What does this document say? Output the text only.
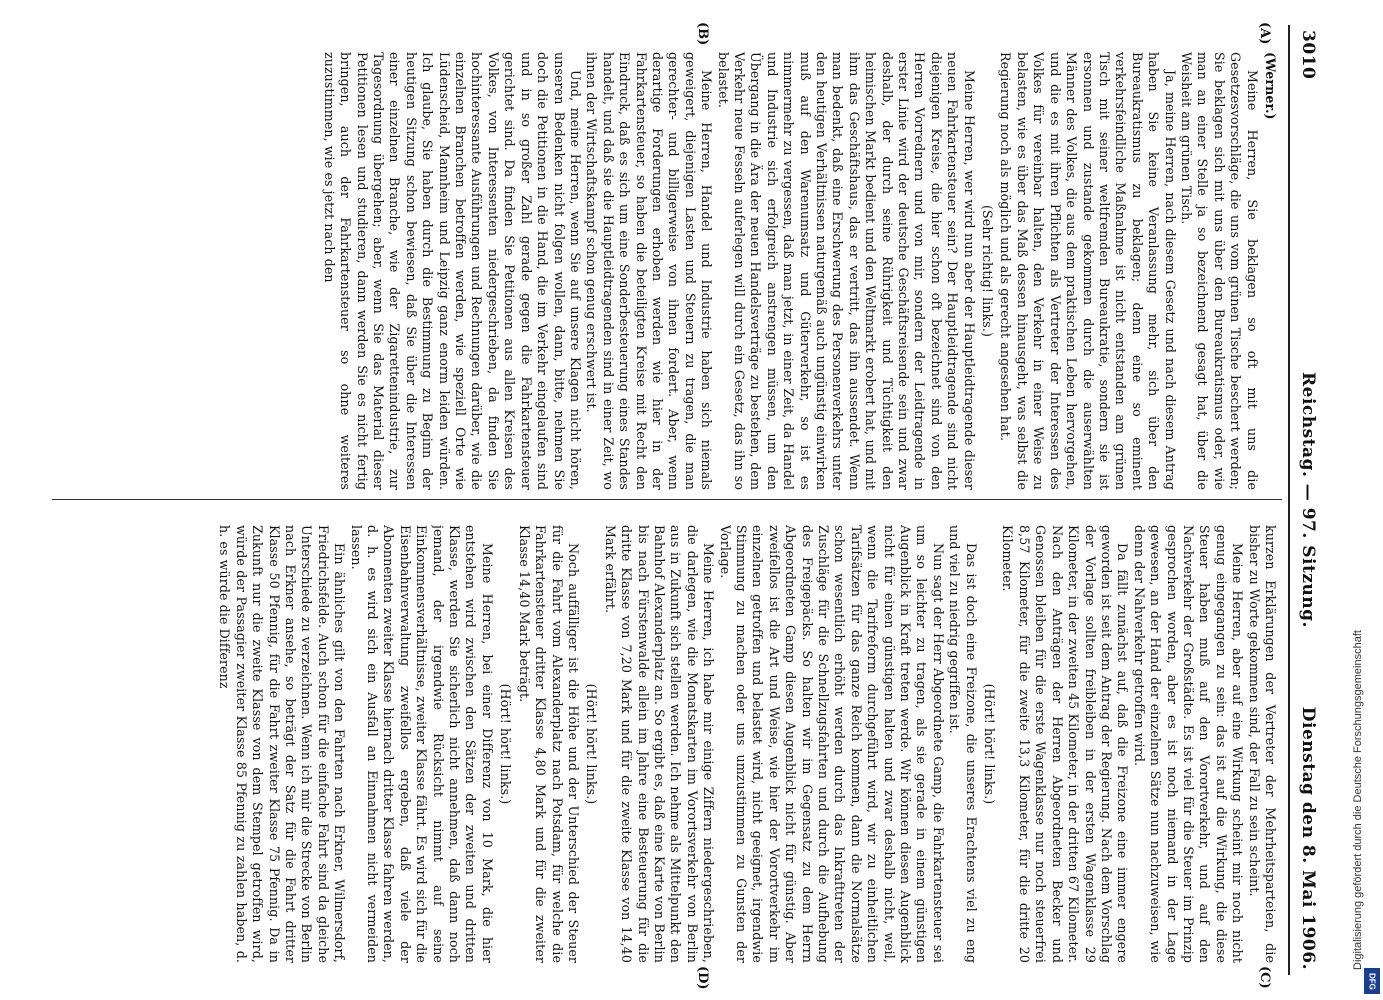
3010
Reichstag. — 97. Sitzung.
Dienstag den 8. Mai 1906.
(A)
(B)
(C)
(D)

(Werner.)

Meine Herren, Sie beklagen so oft mit uns die Gesetzesvorschläge, die uns vom grünen Tische beschert werden; Sie beklagen sich mit uns über den Bureaukratismus oder, wie man an einer Stelle ja so bezeichnend gesagt hat, über die Weisheit am grünen Tisch.

Ja, meine Herren, nach diesem Gesetz und nach diesem Antrag haben Sie keine Veranlassung mehr, sich über den Bureaukratismus zu beklagen; denn eine so eminent verkehrsfeindliche Maßnahme ist nicht entstanden am grünen Tisch mit seiner weltfremden Bureaukratie, sondern sie ist ersonnen und zustande gekommen durch die auserwählten Männer des Volkes, die aus dem praktischen Leben hervorgehen, und die es mit ihren Pflichten als Vertreter der Interessen des Volkes für vereinbar halten, den Verkehr in einer Weise zu belasten, wie es über das Maß dessen hinausgeht, was selbst die Regierung noch als möglich und als gerecht angesehen hat.

(Sehr richtig! links.)

Meine Herren, wer wird nun aber der Hauptleidtragende dieser neuen Fahrkartensteuer sein? Der Hauptleidtragende sind nicht diejenigen Kreise, die hier schon oft bezeichnet sind von den Herren Vorrednern und von mir, sondern der Leidtragende in erster Linie wird der deutsche Geschäftsreisende sein und zwar deshalb, der durch seine Rührigkeit und Tüchtigkeit den heimischen Markt bedient und den Weltmarkt erobert hat, und mit ihm das Geschäftshaus, das er vertritt, das ihn aussendet. Wenn man bedenkt, daß eine Erschwerung des Personenverkehrs unter den heutigen Verhältnissen naturgemäß auch ungünstig einwirken muß auf den Warenumsatz und Güterverkehr, so ist es nimmermehr zu vergessen, daß man jetzt, in einer Zeit, da Handel und Industrie sich erfolgreich anstrengen müssen, um den Übergang in die Ära der neuen Handelsverträge zu bestehen, dem Verkehr neue Fesseln auferlegen will durch ein Gesetz, das ihn so belastet.

Meine Herren, Handel und Industrie haben sich niemals geweigert, diejenigen Lasten und Steuern zu tragen, die man gerechter- und billigerweise von ihnen fordert. Aber, wenn derartige Forderungen erhoben werden wie hier in der Fahrkartensteuer, so haben die beteiligten Kreise mit Recht den Eindruck, daß es sich um eine Sonderbesteuerung eines Standes handelt, und daß sie die Hauptleidtragenden sind in einer Zeit, wo ihnen der Wirtschaftskampf schon genug erschwert ist.

Und, meine Herren, wenn Sie auf unsere Klagen nicht hören, unseren Bedenken nicht folgen wollen, dann, bitte, nehmen Sie doch die Petitionen in die Hand, die im Verkehr eingelaufen sind und in so großer Zahl gerade gegen die Fahrkartensteuer gerichtet sind. Da finden Sie Petitionen aus allen Kreisen des Volkes, von Interessenten niedergeschrieben, da finden Sie hochinteressante Ausführungen und Rechnungen darüber, wie die einzelnen Branchen betroffen werden, wie speziell Orte wie Lüdenscheid, Mannheim und Leipzig ganz enorm leiden würden. Ich glaube, Sie haben durch die Bestimmung zu Beginn der heutigen Sitzung schon bewiesen, daß Sie über die Interessen einer einzelnen Branche, wie der Zigarettenindustrie, zur Tagesordnung übergehen; aber, wenn Sie das Material dieser Petitionen lesen und studieren, dann werden Sie es nicht fertig bringen, auch der Fahrkartensteuer so ohne weiteres zuzustimmen, wie es jetzt nach den

kurzen Erklärungen der Vertreter der Mehrheitsparteien, die bisher zu Worte gekommen sind, der Fall zu sein scheint.

Meine Herren, aber auf eine Wirkung scheint mir noch nicht genug eingegangen zu sein: das ist auf die Wirkung, die diese Steuer haben muß auf den Vorortverkehr, und auf den Nachverkehr der Großstädte. Es ist viel für die Steuer im Prinzip gesprochen worden, aber es ist noch niemand in der Lage gewesen, an der Hand der einzelnen Sätze nun nachzuweisen, wie denn der Nahverkehr getroffen wird.

Da fällt zunächst auf, daß die Freizone eine immer engere geworden ist seit dem Antrag der Regierung. Nach dem Vorschlag der Vorlage sollten freibleiben in der ersten Wagenklasse 29 Kilometer, in der zweiten 45 Kilometer, in der dritten 67 Kilometer. Nach den Anträgen der Herren Abgeordneten Becker und Genossen bleiben für die erste Wagenklasse nur noch steuerfrei 8,57 Kilometer, für die zweite 13,3 Kilometer, für die dritte 20 Kilometer.

(Hört! hört! links.)

Das ist doch eine Freizone, die unseres Erachtens viel zu eng und viel zu niedrig gegriffen ist.

Nun sagt der Herr Abgeordnete Gamp, die Fahrkartensteuer sei um so leichter zu tragen, als sie gerade in einem günstigen Augenblick in Kraft treten werde. Wir können diesen Augenblick nicht für einen günstigen halten und zwar deshalb nicht, weil, wenn die Tarifreform durchgeführt wird, wir zu einheitlichen Tarifsätzen für das ganze Reich kommen, dann die Normalsätze schon wesentlich erhöht werden durch das Inkrafttreten der Zuschläge für die Schnellzugsfahrten und durch die Aufhebung des Freigepäcks. So halten wir im Gegensatz zu dem Herrn Abgeordneten Gamp diesen Augenblick nicht für günstig. Aber zweifellos ist die Art und Weise, wie hier der Vorortverkehr im einzelnen getroffen und belastet wird, nicht geeignet, irgendwie Stimmung zu machen oder uns umzustimmen zu Gunsten der Vorlage.

Meine Herren, ich habe mir einige Ziffern niedergeschrieben, die darlegen, wie die Monatskarten im Vorortsverkehr von Berlin aus in Zukunft sich stellen werden. Ich nehme als Mittelpunkt den Bahnhof Alexanderplatz an. So ergibt es, daß eine Karte von Berlin bis nach Fürstenwalde allein im Jahre eine Besteuerung für die dritte Klasse von 7,20 Mark und für die zweite Klasse von 14,40 Mark erfährt.

(Hört! hört! links.)

Noch auffälliger ist die Höhe und der Unterschied der Steuer für die Fahrt vom Alexanderplatz nach Potsdam, für welche die Fahrkartensteuer dritter Klasse 4,80 Mark und für die zweiter Klasse 14,40 Mark beträgt.

(Hört! hört! links.)

Meine Herren, bei einer Differenz von 10 Mark, die hier entstehen wird zwischen den Sätzen der zweiten und dritten Klasse, werden Sie sicherlich nicht annehmen, daß dann noch jemand, der irgendwie Rücksicht nimmt auf seine Einkommensverhältnisse, zweiter Klasse fährt. Es wird sich für die Eisenbahnverwaltung zweifellos ergeben, daß viele der Abonnenten zweiter Klasse hiernach dritter Klasse fahren werden, d. h. es wird sich ein Ausfall an Einnahmen nicht vermeiden lassen.

Ein ähnliches gilt von den Fahrten nach Erkner, Wilmersdorf, Friedrichsfelde. Auch schon für die einfache Fahrt sind da gleiche Unterschiede zu verzeichnen. Wenn ich mir die Strecke von Berlin nach Erkner ansehe, so beträgt der Satz für die Fahrt dritter Klasse 50 Pfennig, für die Fahrt zweiter Klasse 75 Pfennig. Da in Zukunft nur die zweite Klasse von dem Stempel getroffen wird, würde der Passagier zweiter Klasse 85 Pfennig zu zahlen haben, d. h. es würde die Differenz

Digitalisierung gefördert durch die Deutsche Forschungsgemeinschaft
DFG
